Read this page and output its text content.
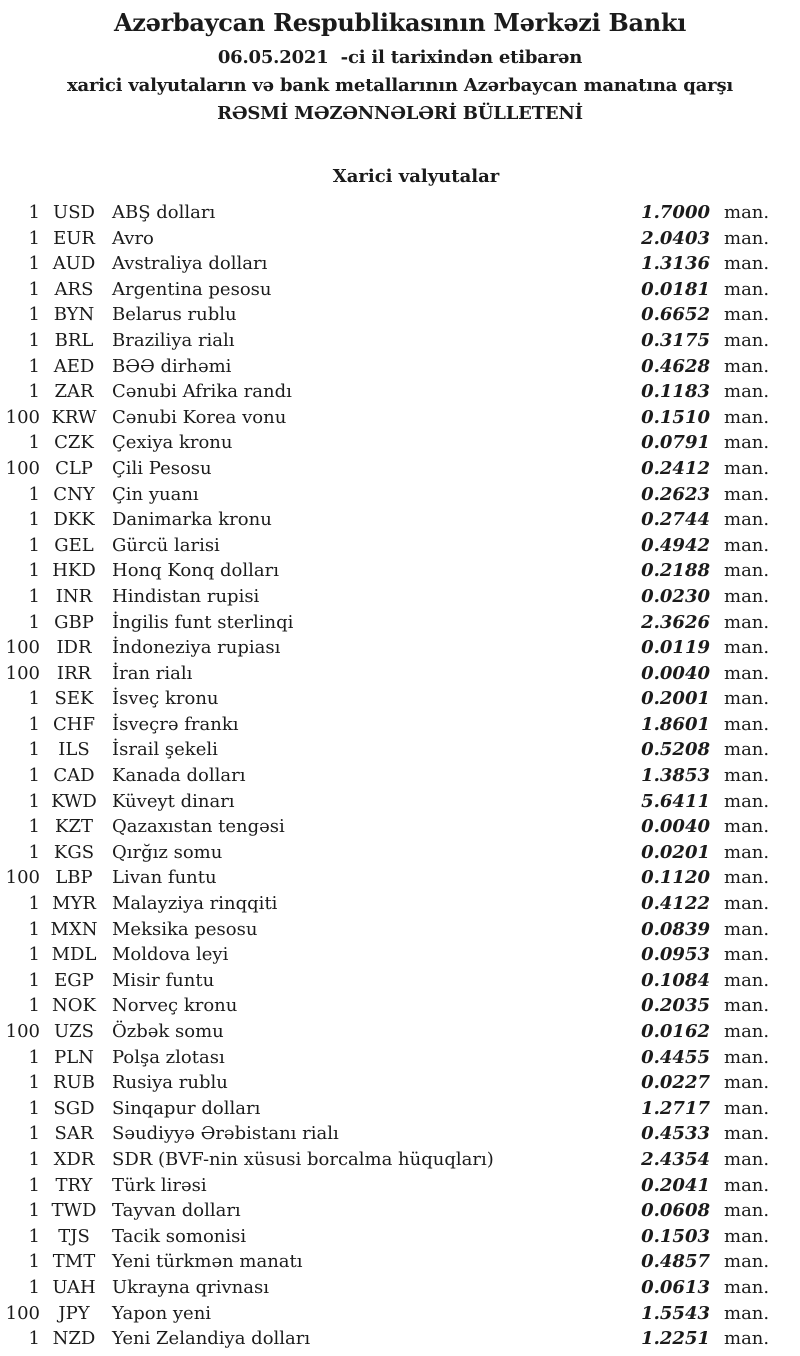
Azərbaycan Respublikasının Mərkəzi Bankı
06.05.2021  -ci il tarixindən etibarən
xarici valyutaların və bank metallarının Azərbaycan manatına qarşı
RƏSMİ MƏZƏNNƏLƏRİ BÜLLETENİ
Xarici valyutalar
1 USD ABŞ dolları	1.7000 man.
1 EUR Avro	2.0403 man.
1 AUD Avstraliya dolları	1.3136 man.
1 ARS	Argentina pesosu	0.0181 man.
1 BYN Belarus rublu	0.6652 man.
1 BRL	Braziliya rialı	0.3175 man.
1 AED BƏƏ dirhəmi	0.4628 man.
1 ZAR	Cənubi Afrika randı	0.1183 man.
100 KRW Cənubi Korea vonu	0.1510 man.
1 CZK	Çexiya kronu	0.0791 man.
100 CLP	Çili Pesosu	0.2412 man.
1 CNY Çin yuanı	0.2623 man.
1 DKK Danimarka kronu	0.2744 man.
1 GEL	Gürcü larisi	0.4942 man.
1 HKD Honq Konq dolları	0.2188 man.
1 INR	Hindistan rupisi	0.0230 man.
1 GBP	İngilis funt sterlinqi	2.3626 man.
100 IDR	İndoneziya rupiası	0.0119 man.
100 IRR	İran rialı	0.0040 man.
1 SEK	İsveç kronu	0.2001 man.
1 CHF İsveçrə frankı	1.8601 man.
1	ILS	İsrail şekeli	0.5208 man.
1 CAD Kanada dolları	1.3853 man.
1 KWD Küveyt dinarı	5.6411 man.
1 KZT	Qazaxıstan tengəsi	0.0040 man.
1 KGS Qırğız somu	0.0201 man.
100 LBP	Livan funtu	0.1120 man.
1 MYR Malayziya rinqqiti	0.4122 man.
1 MXN Meksika pesosu	0.0839 man.
1 MDL Moldova leyi	0.0953 man.
1 EGP	Misir funtu	0.1084 man.
1 NOK Norveç kronu	0.2035 man.
100 UZS	Özbək somu	0.0162 man.
1 PLN	Polşa zlotası	0.4455 man.
1 RUB Rusiya rublu	0.0227 man.
1 SGD Sinqapur dolları	1.2717 man.
1 SAR	Səudiyyə Ərəbistanı rialı	0.4533 man.
1 XDR SDR (BVF-nin xüsusi borcalma hüquqları)	2.4354 man.
1 TRY	Türk lirəsi	0.2041 man.
1 TWD Tayvan dolları	0.0608 man.
1	TJS	Tacik somonisi	0.1503 man.
1 TMT Yeni türkmən manatı	0.4857 man.
1 UAH Ukrayna qrivnası	0.0613 man.
100	JPY	Yapon yeni	1.5543 man.
1 NZD Yeni Zelandiya dolları	1.2251 man.
